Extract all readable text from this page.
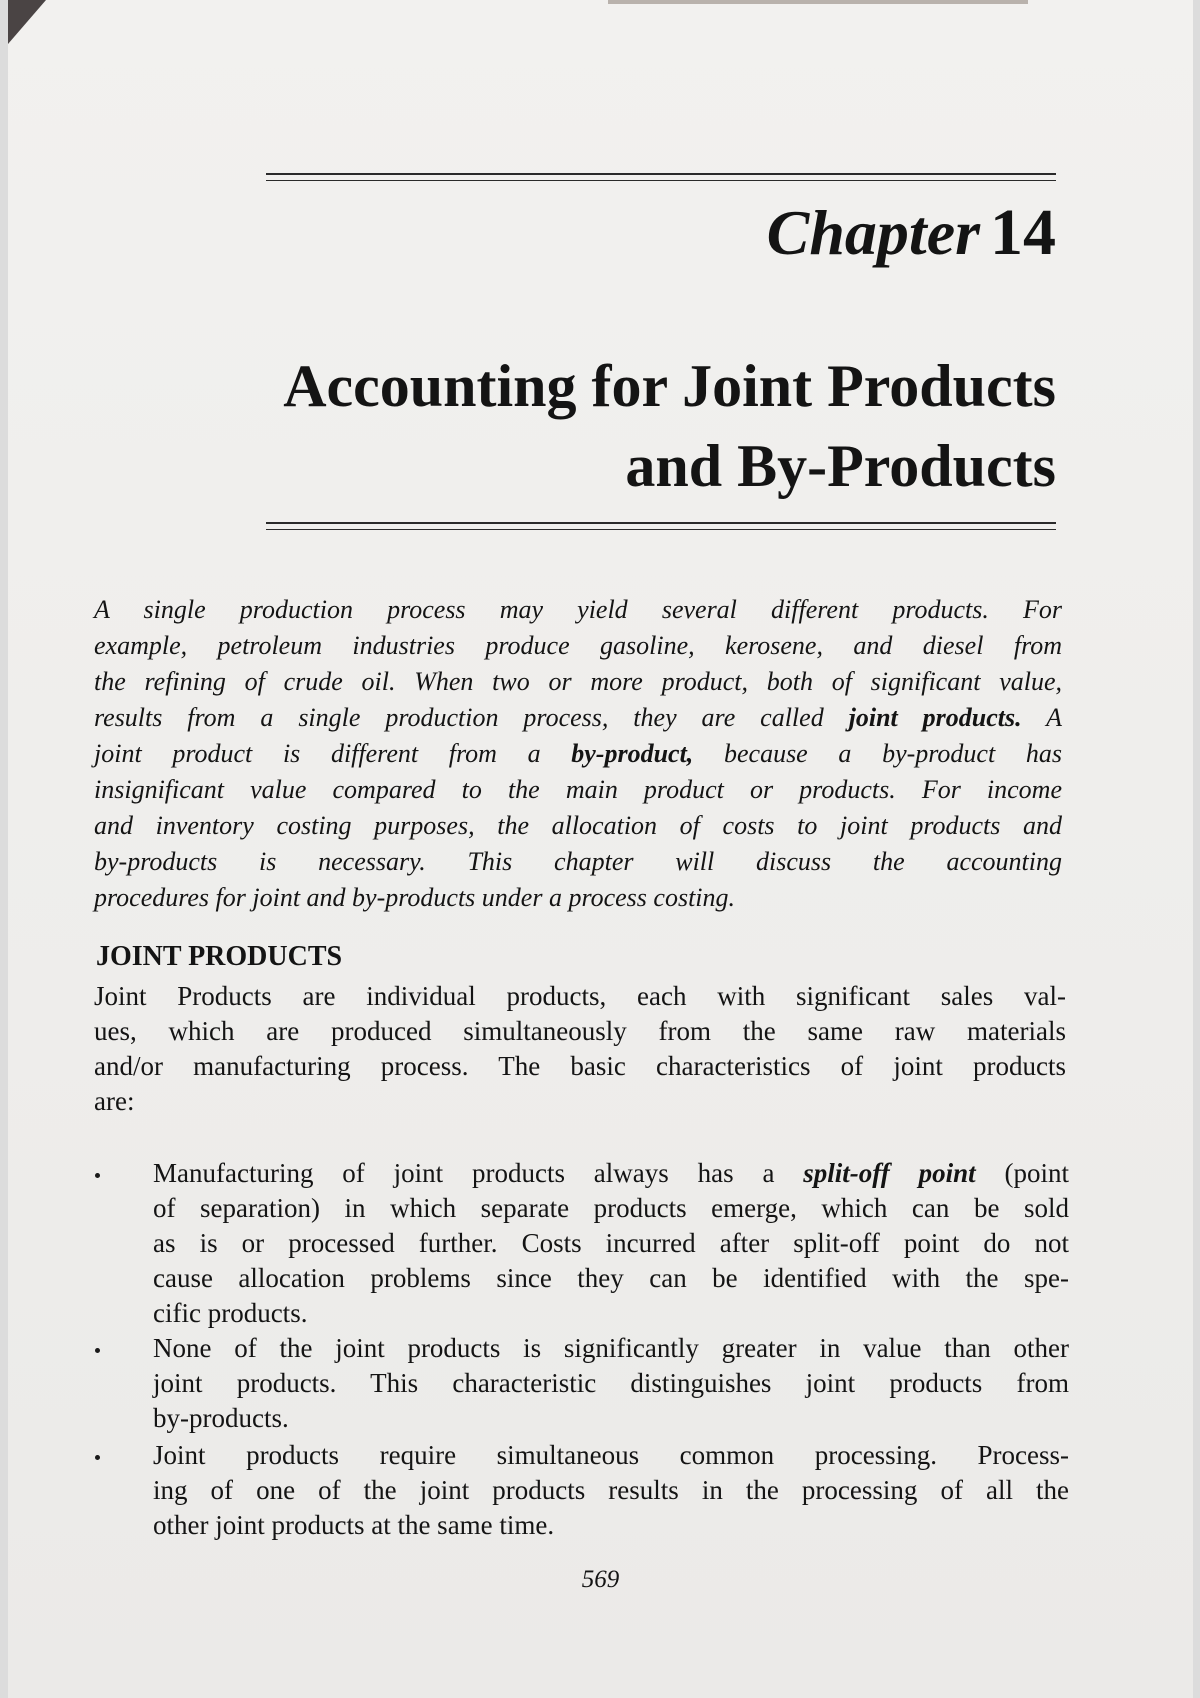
Chapter 14
Accounting for Joint Products
and By-Products
A single production process may yield several different products. For
example, petroleum industries produce gasoline, kerosene, and diesel from
the refining of crude oil. When two or more product, both of significant value,
results from a single production process, they are called joint products. A
joint product is different from a by-product, because a by-product has
insignificant value compared to the main product or products. For income
and inventory costing purposes, the allocation of costs to joint products and
by-products is necessary. This chapter will discuss the accounting
procedures for joint and by-products under a process costing.
JOINT PRODUCTS
Joint Products are individual products, each with significant sales val-
ues, which are produced simultaneously from the same raw materials
and/or manufacturing process. The basic characteristics of joint products
are:
Manufacturing of joint products always has a split-off point (point
of separation) in which separate products emerge, which can be sold
as is or processed further. Costs incurred after split-off point do not
cause allocation problems since they can be identified with the spe-
cific products.
None of the joint products is significantly greater in value than other
joint products. This characteristic distinguishes joint products from
by-products.
Joint products require simultaneous common processing. Process-
ing of one of the joint products results in the processing of all the
other joint products at the same time.
569
